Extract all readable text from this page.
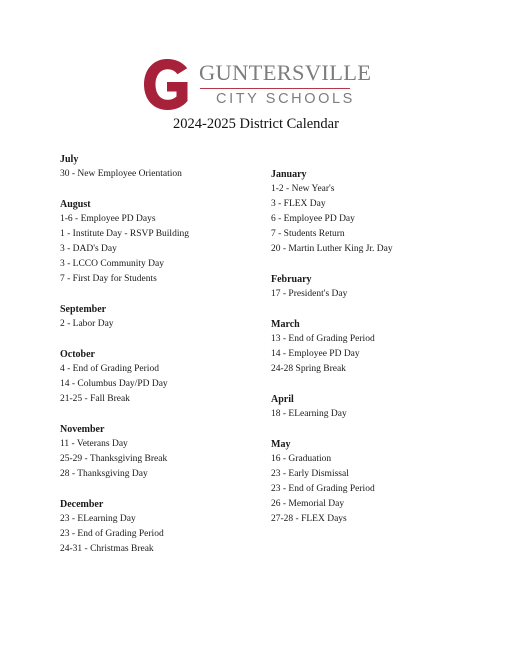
GUNTERSVILLE
CITY SCHOOLS
2024-2025 District Calendar

July

30 - New Employee Orientation

August

1-6 - Employee PD Days

1 - Institute Day - RSVP Building

3 - DAD's Day

3 - LCCO Community Day

7 - First Day for Students

September

2 - Labor Day

October

4 - End of Grading Period

14 - Columbus Day/PD Day

21-25 - Fall Break

November

11 - Veterans Day

25-29 - Thanksgiving Break

28 - Thanksgiving Day

December

23 - ELearning Day

23 - End of Grading Period

24-31 - Christmas Break

January

1-2 - New Year's

3 - FLEX Day

6 - Employee PD Day

7 - Students Return

20 - Martin Luther King Jr. Day

February

17 - President's Day

March

13 - End of Grading Period

14 - Employee PD Day

24-28 Spring Break

April

18 - ELearning Day

May

16 - Graduation

23 - Early Dismissal

23 - End of Grading Period

26 - Memorial Day

27-28 - FLEX Days
